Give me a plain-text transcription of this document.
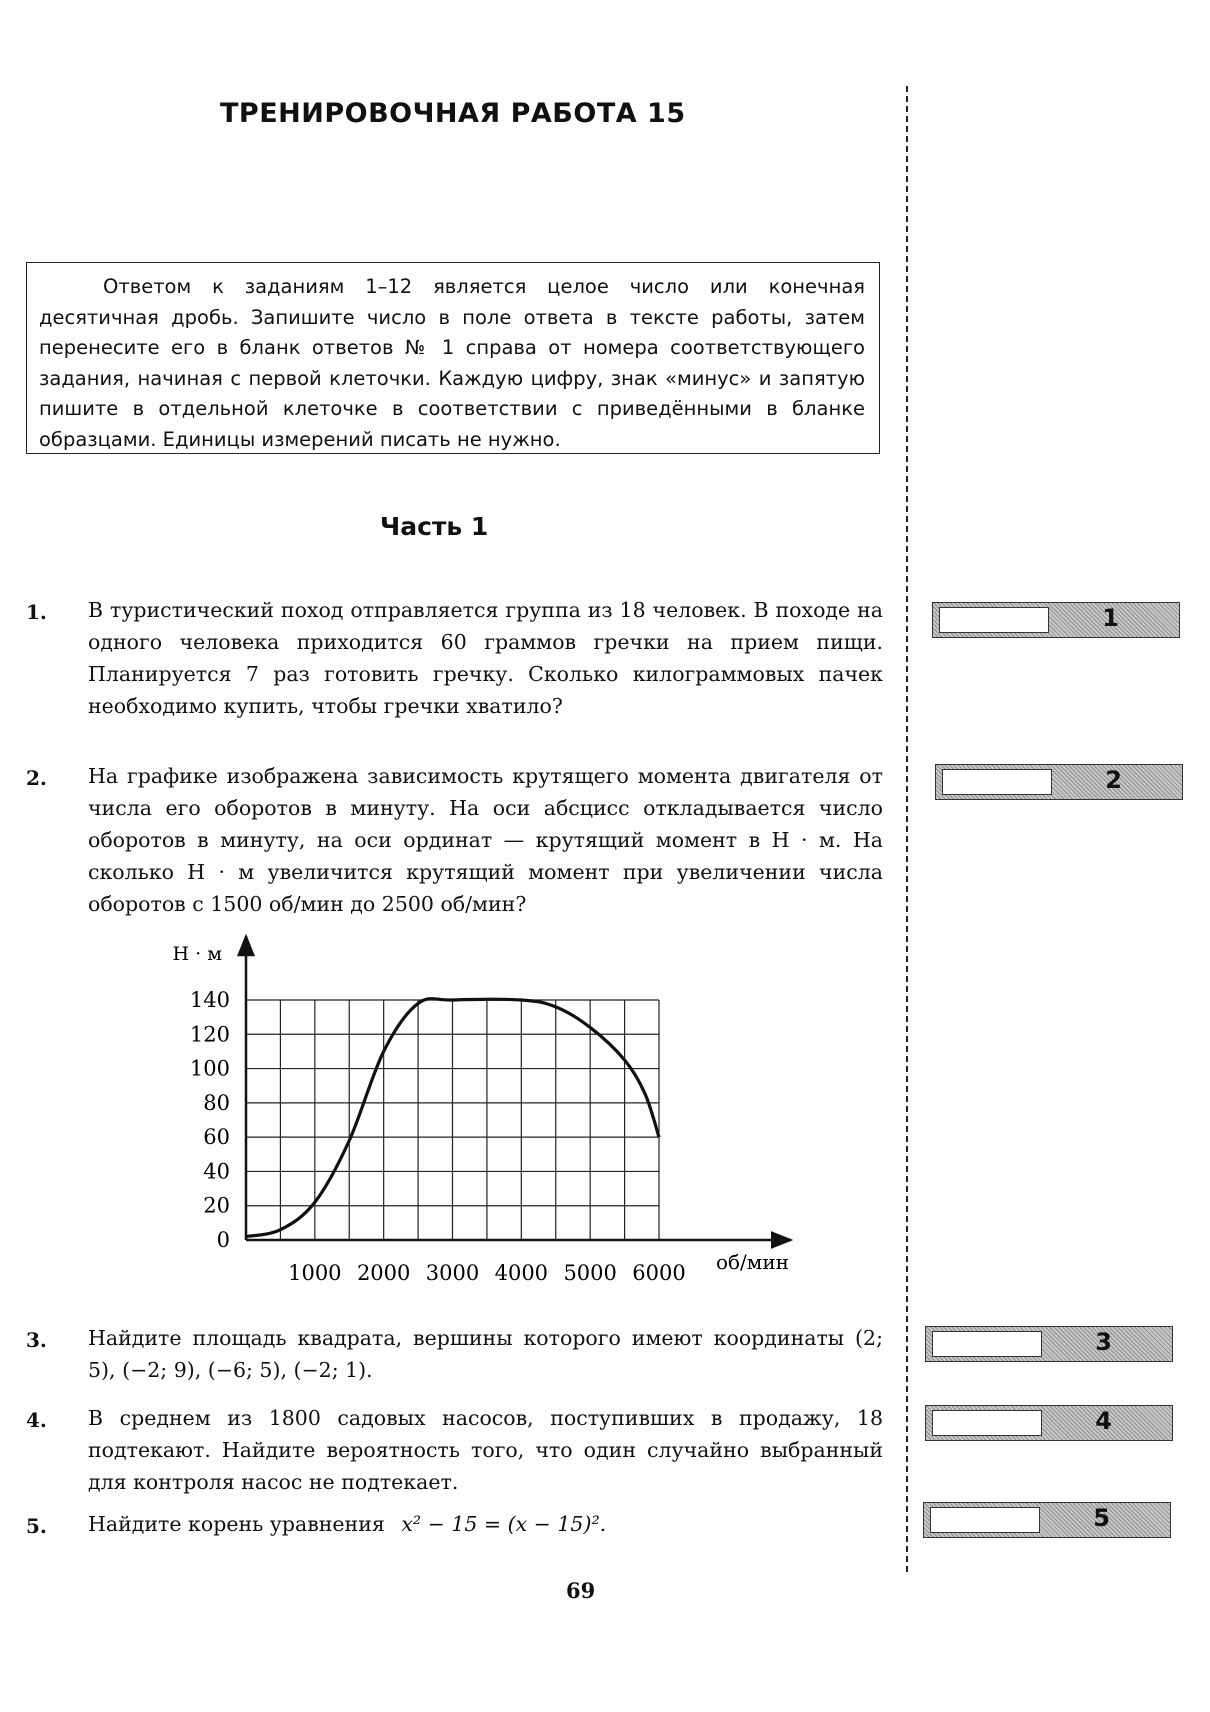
ТРЕНИРОВОЧНАЯ РАБОТА 15
Ответом к заданиям 1–12 является целое число или конечная десятичная дробь. Запишите число в поле ответа в тексте работы, затем перенесите его в бланк ответов № 1 справа от номера соответствующего задания, начиная с первой клеточки. Каждую цифру, знак «минус» и запятую пишите в отдельной клеточке в соответствии с приведёнными в бланке образцами. Единицы измерений писать не нужно.
Часть 1
1. В туристический поход отправляется группа из 18 человек. В походе на одного человека приходится 60 граммов гречки на прием пищи. Планируется 7 раз готовить гречку. Сколько килограммовых пачек необходимо купить, чтобы гречки хватило?
1
2. На графике изображена зависимость крутящего момента двигателя от числа его оборотов в минуту. На оси абсцисс откладывается число оборотов в минуту, на оси ординат — крутящий момент в Н · м. На сколько Н · м увеличится крутящий момент при увеличении числа оборотов с 1500 об/мин до 2500 об/мин?
2
0
20
40
60
80
100
120
140
1000 2000 3000 4000 5000 6000
Н · м
об/мин
3. Найдите площадь квадрата, вершины которого имеют координаты (2; 5), (−2; 9), (−6; 5), (−2; 1).
3
4. В среднем из 1800 садовых насосов, поступивших в продажу, 18 подтекают. Найдите вероятность того, что один случайно выбранный для контроля насос не подтекает.
4
5. Найдите корень уравнения x² − 15 = (x − 15)².	5
69
